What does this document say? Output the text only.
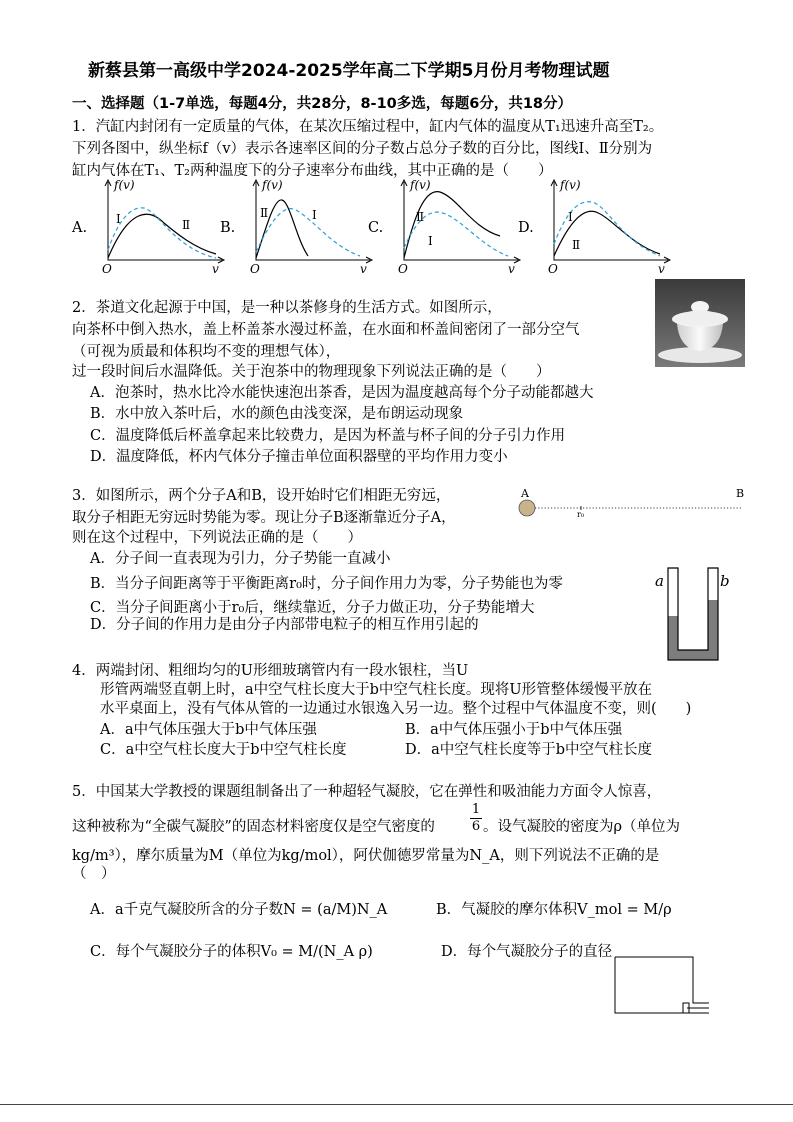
新蔡县第一高级中学2024-2025学年高二下学期5月份月考物理试题
一、选择题（1-7单选，每题4分，共28分，8-10多选，每题6分，共18分）
1．汽缸内封闭有一定质量的气体，在某次压缩过程中，缸内气体的温度从T₁迅速升高至T₂。
下列各图中，纵坐标f（v）表示各速率区间的分子数占总分子数的百分比，图线Ⅰ、Ⅱ分别为
缸内气体在T₁、T₂两种温度下的分子速率分布曲线，其中正确的是（　　）
A.
f(v)
O	v
Ⅰ	Ⅱ B.
f(v)
O	v
Ⅰ
Ⅱ
C.
f(v)
O	v
Ⅰ
Ⅱ
D.
f(v)
O	v
Ⅰ
Ⅱ
2．茶道文化起源于中国，是一种以茶修身的生活方式。如图所示，
向茶杯中倒入热水，盖上杯盖茶水漫过杯盖，在水面和杯盖间密闭了一部分空气
（可视为质最和体积均不变的理想气体），
过一段时间后水温降低。关于泡茶中的物理现象下列说法正确的是（　　）
A．泡茶时，热水比冷水能快速泡出茶香，是因为温度越高每个分子动能都越大
B．水中放入茶叶后，水的颜色由浅变深，是布朗运动现象
C．温度降低后杯盖拿起来比较费力，是因为杯盖与杯子间的分子引力作用
D．温度降低，杯内气体分子撞击单位面积器壁的平均作用力变小
3．如图所示，两个分子A和B，设开始时它们相距无穷远，
取分子相距无穷远时势能为零。现让分子B逐渐靠近分子A，
则在这个过程中，下列说法正确的是（　　）
A．分子间一直表现为引力，分子势能一直减小
B．当分子间距离等于平衡距离r₀时，分子间作用力为零，分子势能也为零
C．当分子间距离小于r₀后，继续靠近，分子力做正功，分子势能增大
D．分子间的作用力是由分子内部带电粒子的相互作用引起的
A	B
r₀
a	b
4．两端封闭、粗细均匀的U形细玻璃管内有一段水银柱，当U
形管两端竖直朝上时，a中空气柱长度大于b中空气柱长度。现将U形管整体缓慢平放在
水平桌面上，没有气体从管的一边通过水银逸入另一边。整个过程中气体温度不变，则(　　)
A．a中气体压强大于b中气体压强	B．a中气体压强小于b中气体压强
C．a中空气柱长度大于b中空气柱长度	D．a中空气柱长度等于b中空气柱长度
5．中国某大学教授的课题组制备出了一种超轻气凝胶，它在弹性和吸油能力方面令人惊喜，
这种被称为“全碳气凝胶”的固态材料密度仅是空气密度的	$\frac{1}{6}$ 。设气凝胶的密度为ρ（单位为
kg/m³），摩尔质量为M（单位为kg/mol），阿伏伽德罗常量为N_A，则下列说法不正确的是
（　）
A．a千克气凝胶所含的分子数N = (a/M)N_A	B．气凝胶的摩尔体积V_mol = M/ρ
C．每个气凝胶分子的体积V₀ = M/(N_A ρ)	D．每个气凝胶分子的直径
